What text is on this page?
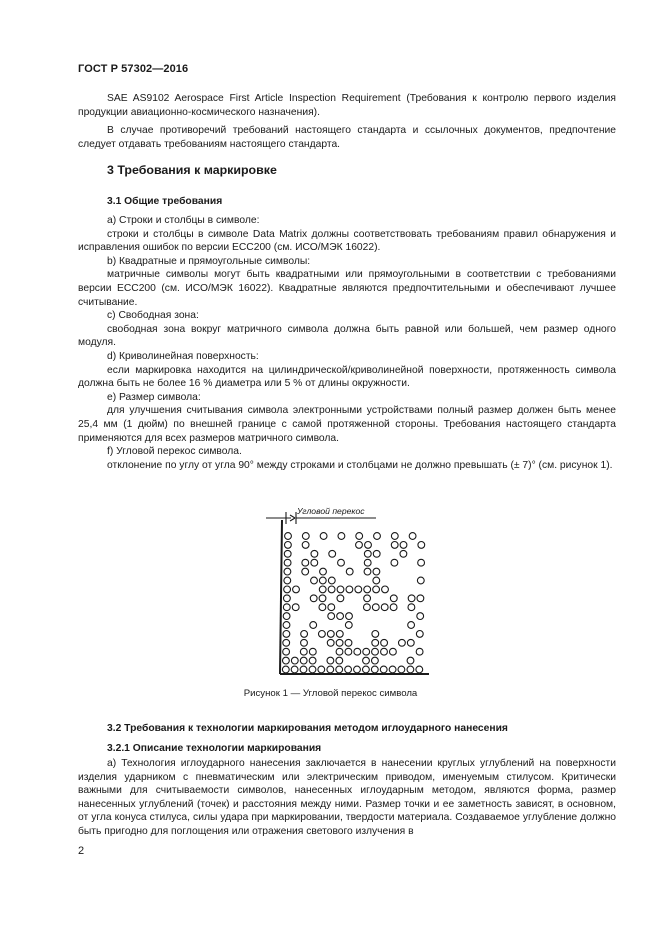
ГОСТ Р 57302—2016

SAE AS9102 Aerospace First Article Inspection Requirement (Требования к контролю первого изделия продукции авиационно-космического назначения).

В случае противоречий требований настоящего стандарта и ссылочных документов, предпочтение следует отдавать требованиям настоящего стандарта.

3 Требования к маркировке
3.1 Общие требования

а) Строки и столбцы в символе:

строки и столбцы в символе Data Matrix должны соответствовать требованиям правил обнаружения и исправления ошибок по версии ECC200 (см. ИСО/МЭК 16022).

b) Квадратные и прямоугольные символы:

матричные символы могут быть квадратными или прямоугольными в соответствии с требованиями версии ECC200 (см. ИСО/МЭК 16022). Квадратные являются предпочтительными и обеспечивают лучшее считывание.

c) Свободная зона:

свободная зона вокруг матричного символа должна быть равной или большей, чем размер одного модуля.

d) Криволинейная поверхность:

если маркировка находится на цилиндрической/криволинейной поверхности, протяженность символа должна быть не более 16 % диаметра или 5 % от длины окружности.

e) Размер символа:

для улучшения считывания символа электронными устройствами полный размер должен быть менее 25,4 мм (1 дюйм) по внешней границе с самой протяженной стороны. Требования настоящего стандарта применяются для всех размеров матричного символа.

f) Угловой перекос символа.

отклонение по углу от угла 90° между строками и столбцами не должно превышать (± 7)° (см. рисунок 1).

Угловой перекос
Рисунок 1 — Угловой перекос символа
3.2 Требования к технологии маркирования методом иглоударного нанесения
3.2.1 Описание технологии маркирования

а) Технология иглоударного нанесения заключается в нанесении круглых углублений на поверхности изделия ударником с пневматическим или электрическим приводом, именуемым стилусом. Критически важными для считываемости символов, нанесенных иглоударным методом, являются форма, размер нанесенных углублений (точек) и расстояния между ними. Размер точки и ее заметность зависят, в основном, от угла конуса стилуса, силы удара при маркировании, твердости материала. Создаваемое углубление должно быть пригодно для поглощения или отражения светового излучения в

2
